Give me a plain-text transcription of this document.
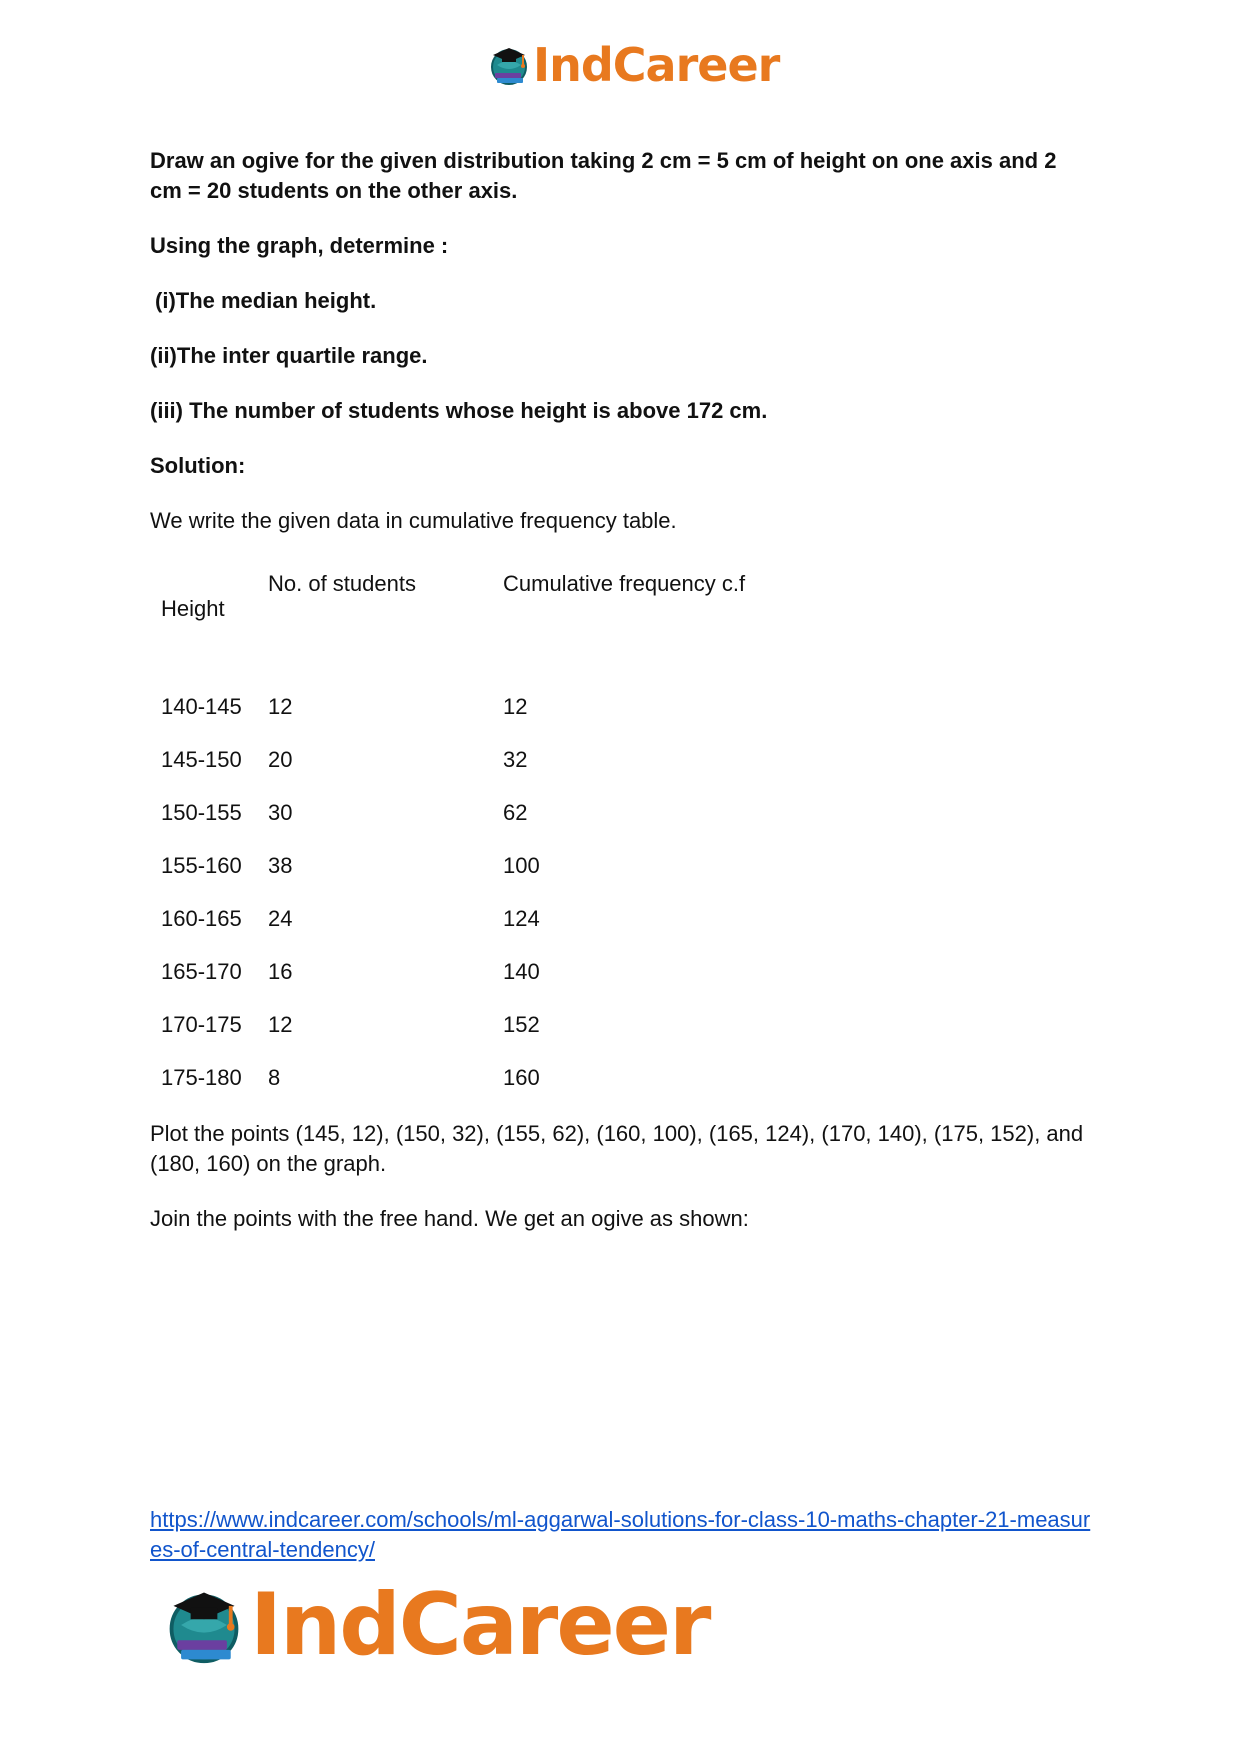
IndCareer

Draw an ogive for the given distribution taking 2 cm = 5 cm of height on one axis and 2 cm = 20 students on the other axis.

Using the graph, determine :

(i)The median height.

(ii)The inter quartile range.

(iii) The number of students whose height is above 172 cm.

Solution:

We write the given data in cumulative frequency table.

Height	No. of students	Cumulative frequency c.f
140-145	12	12
145-150	20	32
150-155	30	62
155-160	38	100
160-165	24	124
165-170	16	140
170-175	12	152
175-180	8	160

Plot the points (145, 12), (150, 32), (155, 62), (160, 100), (165, 124), (170, 140), (175, 152), and (180, 160) on the graph.

Join the points with the free hand. We get an ogive as shown:

https://www.indcareer.com/schools/ml-aggarwal-solutions-for-class-10-maths-chapter-21-measures-of-central-tendency/
IndCareer
